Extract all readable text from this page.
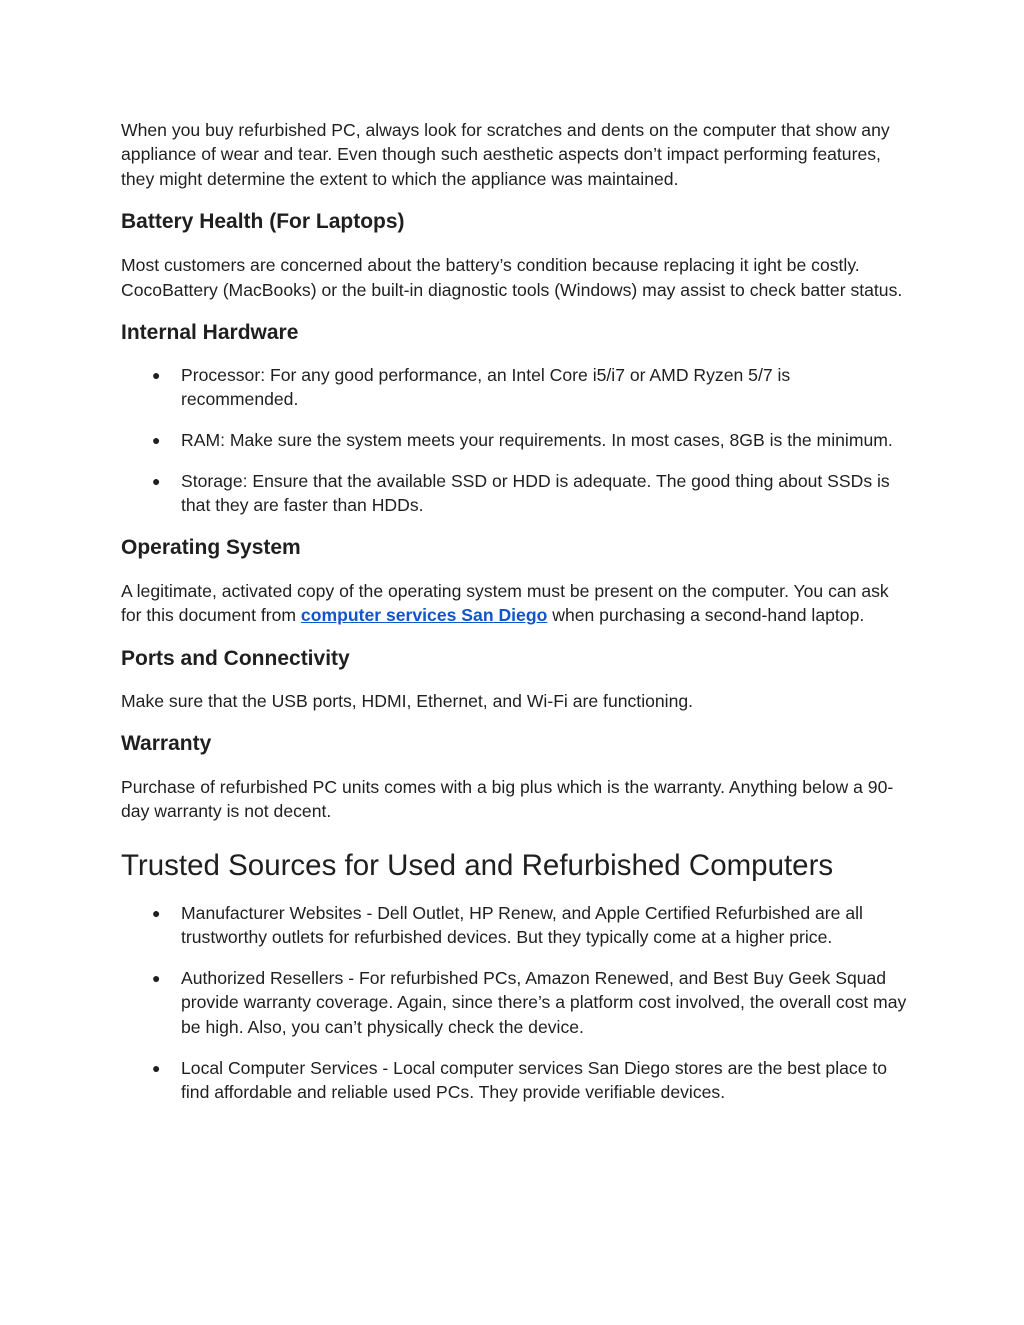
When you buy refurbished PC, always look for scratches and dents on the computer that show any appliance of wear and tear. Even though such aesthetic aspects don’t impact performing features, they might determine the extent to which the appliance was maintained.

Battery Health (For Laptops)

Most customers are concerned about the battery’s condition because replacing it ight be costly. CocoBattery (MacBooks) or the built-in diagnostic tools (Windows) may assist to check batter status.

Internal Hardware
● Processor: For any good performance, an Intel Core i5/i7 or AMD Ryzen 5/7 is recommended.
● RAM: Make sure the system meets your requirements. In most cases, 8GB is the minimum.
● Storage: Ensure that the available SSD or HDD is adequate. The good thing about SSDs is that they are faster than HDDs.
Operating System

A legitimate, activated copy of the operating system must be present on the computer. You can ask for this document from computer services San Diego when purchasing a second-hand laptop.

Ports and Connectivity

Make sure that the USB ports, HDMI, Ethernet, and Wi-Fi are functioning.

Warranty

Purchase of refurbished PC units comes with a big plus which is the warranty. Anything below a 90-day warranty is not decent.

Trusted Sources for Used and Refurbished Computers
● Manufacturer Websites - Dell Outlet, HP Renew, and Apple Certified Refurbished are all trustworthy outlets for refurbished devices. But they typically come at a higher price.
● Authorized Resellers - For refurbished PCs, Amazon Renewed, and Best Buy Geek Squad provide warranty coverage. Again, since there’s a platform cost involved, the overall cost may be high. Also, you can’t physically check the device.
● Local Computer Services - Local computer services San Diego stores are the best place to find affordable and reliable used PCs. They provide verifiable devices.
